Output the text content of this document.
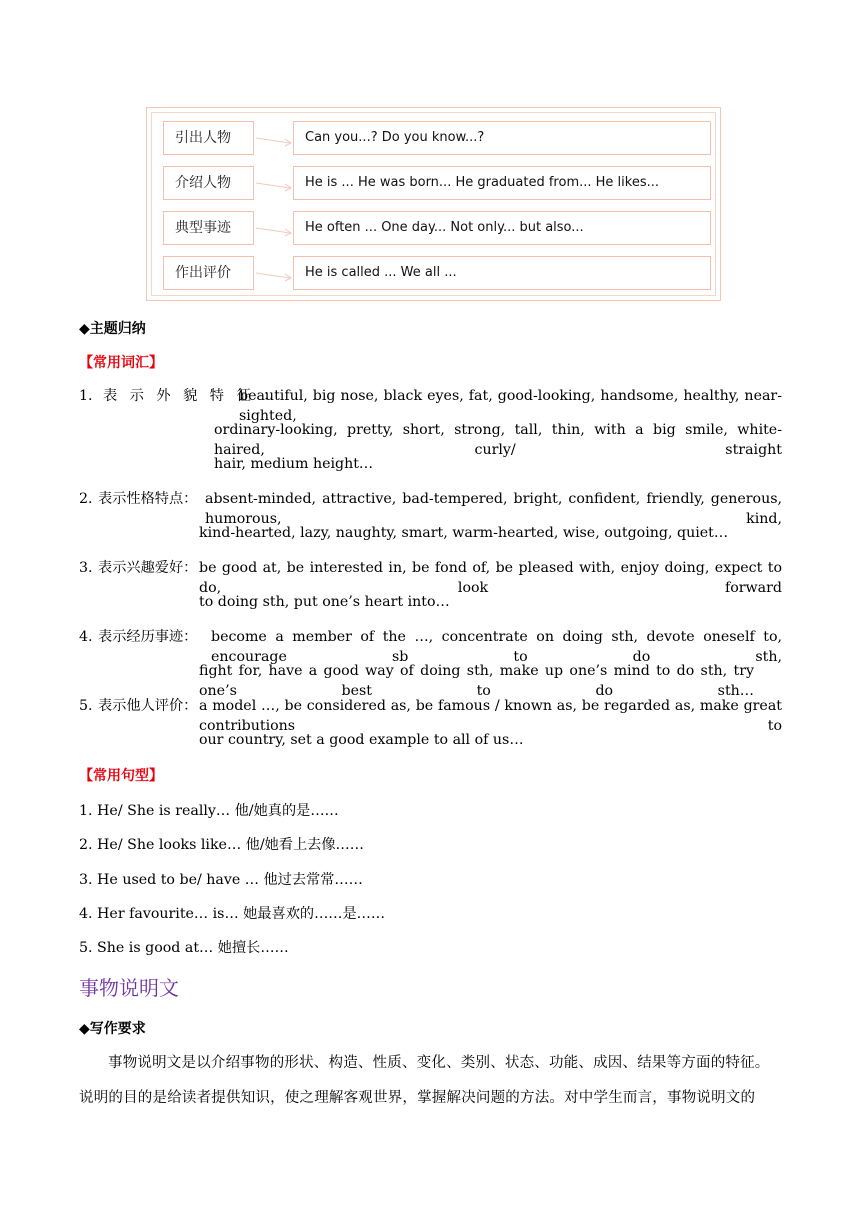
引出人物	Can you...? Do you know...?
介绍人物	He is ... He was born... He graduated from... He likes...
典型事迹	He often ... One day... Not only... but also...
作出评价	He is called ... We all ...
◆主题归纳
【常用词汇】
1. 表 示 外 貌 特 征 ：
beautiful, big nose, black eyes, fat, good-looking, handsome, healthy, near-sighted,
ordinary-looking, pretty, short, strong, tall, thin, with a big smile, white-haired, curly/ straight
hair, medium height…
2. 表示性格特点： absent-minded, attractive, bad-tempered, bright, confident, friendly, generous, humorous, kind,
kind-hearted, lazy, naughty, smart, warm-hearted, wise, outgoing, quiet…
3. 表示兴趣爱好： be good at, be interested in, be fond of, be pleased with, enjoy doing, expect to do, look forward
to doing sth, put one’s heart into…
4. 表示经历事迹： become a member of the …, concentrate on doing sth, devote oneself to, encourage sb to do sth,
fight for, have a good way of doing sth, make up one’s mind to do sth, try one’s best to do sth…
5. 表示他人评价： a model …, be considered as, be famous / known as, be regarded as, make great contributions to
our country, set a good example to all of us…
【常用句型】
1. He/ She is really… 他/她真的是……
2. He/ She looks like… 他/她看上去像……
3. He used to be/ have … 他过去常常……
4. Her favourite… is… 她最喜欢的……是……
5. She is good at… 她擅长……
事物说明文
◆写作要求
事物说明文是以介绍事物的形状、构造、性质、变化、类别、状态、功能、成因、结果等方面的特征。
说明的目的是给读者提供知识，使之理解客观世界，掌握解决问题的方法。对中学生而言，事物说明文的
